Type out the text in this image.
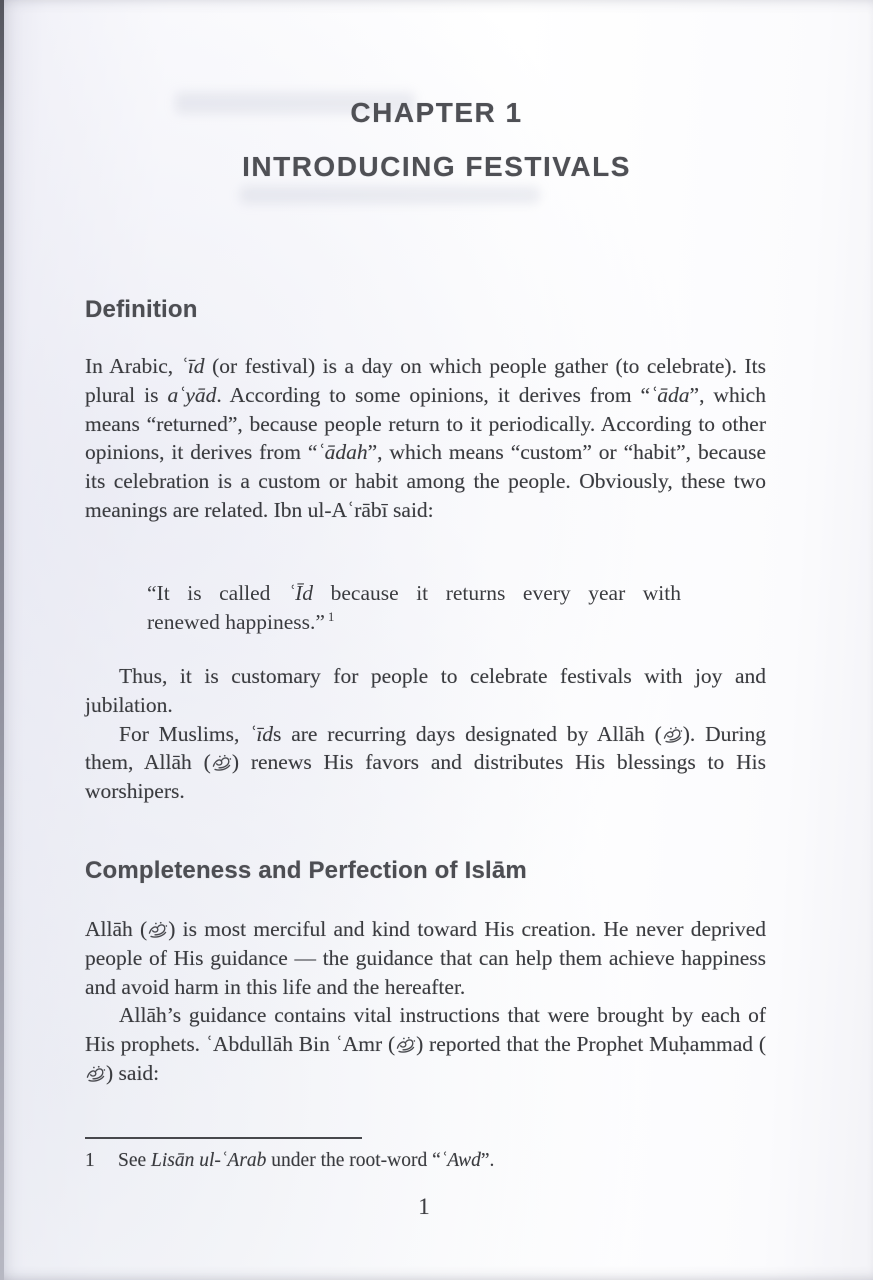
CHAPTER 1
INTRODUCING FESTIVALS
Definition
In Arabic, ʿīd (or festival) is a day on which people gather (to celebrate). Its plural is aʿyād. According to some opinions, it derives from “ʿāda”, which means “returned”, because people return to it periodically. According to other opinions, it derives from “ʿādah”, which means “custom” or “habit”, because its celebration is a custom or habit among the people. Obviously, these two meanings are related. Ibn ul-Aʿrābī said:
“It is called ʿĪd because it returns every year with
renewed happiness.” $^1$

Thus, it is customary for people to celebrate festivals with joy and jubilation.

For Muslims, ʿīds are recurring days designated by Allāh ( ). During them, Allāh ( ) renews His favors and distributes His blessings to His worshipers.

Completeness and Perfection of Islām

Allāh ( ) is most merciful and kind toward His creation. He never deprived people of His guidance — the guidance that can help them achieve happiness and avoid harm in this life and the hereafter.

Allāh’s guidance contains vital instructions that were brought by each of His prophets. ʿAbdullāh Bin ʿAmr ( ) reported that the Prophet Muḥammad (
) said:

1	See Lisān ul-ʿArab under the root-word “ʿAwd”.
1
